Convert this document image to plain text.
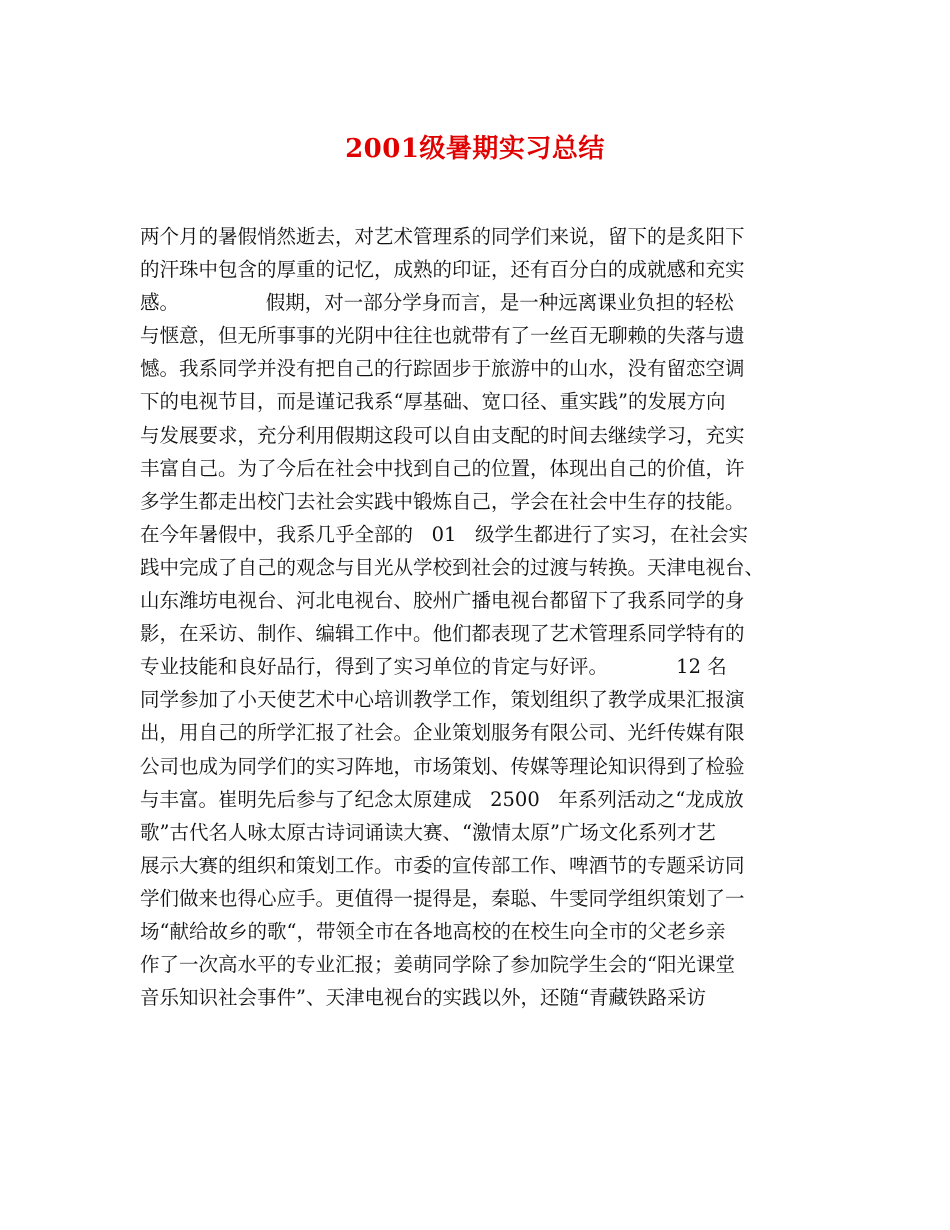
2001级暑期实习总结
两个月的暑假悄然逝去，对艺术管理系的同学们来说，留下的是炙阳下
的汗珠中包含的厚重的记忆，成熟的印证，还有百分白的成就感和充实
感。              假期，对一部分学身而言，是一种远离课业负担的轻松
与惬意，但无所事事的光阴中往往也就带有了一丝百无聊赖的失落与遗
憾。我系同学并没有把自己的行踪固步于旅游中的山水，没有留恋空调
下的电视节目，而是谨记我系“厚基础、宽口径、重实践”的发展方向
与发展要求，充分利用假期这段可以自由支配的时间去继续学习，充实
丰富自己。为了今后在社会中找到自己的位置，体现出自己的价值，许
多学生都走出校门去社会实践中锻炼自己，学会在社会中生存的技能。
在今年暑假中，我系几乎全部的   01   级学生都进行了实习，在社会实
践中完成了自己的观念与目光从学校到社会的过渡与转换。天津电视台、
山东潍坊电视台、河北电视台、胶州广播电视台都留下了我系同学的身
影，在采访、制作、编辑工作中。他们都表现了艺术管理系同学特有的
专业技能和良好品行，得到了实习单位的肯定与好评。           12 名
同学参加了小天使艺术中心培训教学工作，策划组织了教学成果汇报演
出，用自己的所学汇报了社会。企业策划服务有限公司、光纤传媒有限
公司也成为同学们的实习阵地，市场策划、传媒等理论知识得到了检验
与丰富。崔明先后参与了纪念太原建成   2500   年系列活动之“龙成放
歌”古代名人咏太原古诗词诵读大赛、“激情太原”广场文化系列才艺
展示大赛的组织和策划工作。市委的宣传部工作、啤酒节的专题采访同
学们做来也得心应手。更值得一提得是，秦聪、牛雯同学组织策划了一
场“献给故乡的歌“，带领全市在各地高校的在校生向全市的父老乡亲
作了一次高水平的专业汇报；姜萌同学除了参加院学生会的“阳光课堂
音乐知识社会事件”、天津电视台的实践以外，还随“青藏铁路采访
